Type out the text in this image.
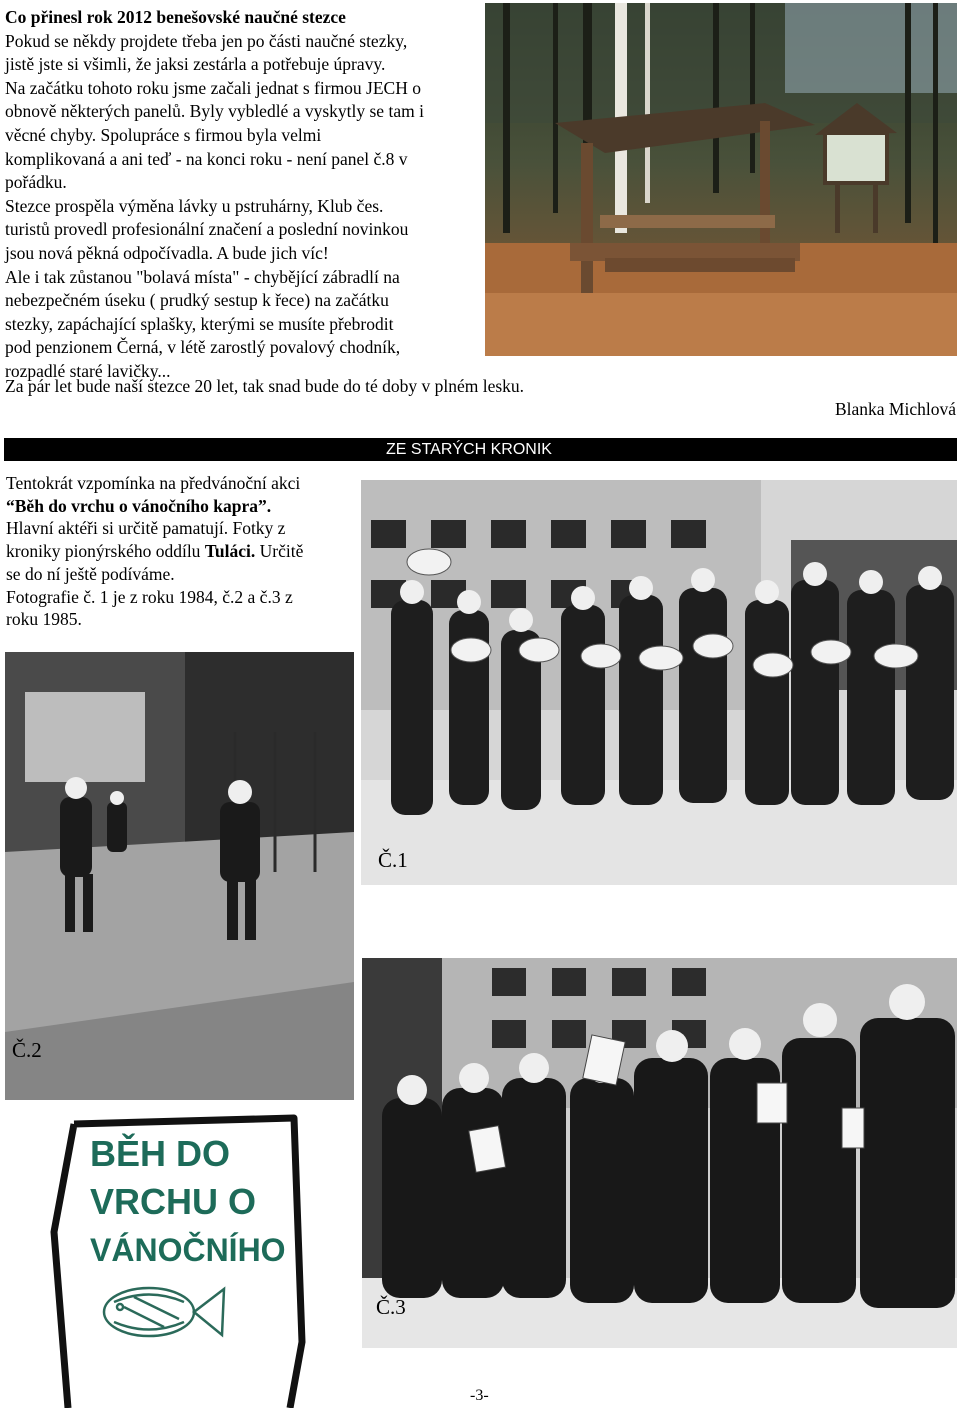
Co přinesl rok 2012 benešovské naučné stezce
Pokud se někdy projdete třeba jen po části naučné stezky,
jistě jste si všimli, že jaksi zestárla a potřebuje úpravy.
Na začátku tohoto roku jsme začali jednat s firmou JECH o
obnově některých panelů. Byly vybledlé a vyskytly se tam i
věcné chyby. Spolupráce s firmou byla velmi
komplikovaná a ani teď - na konci roku - není panel č.8 v
pořádku.
Stezce prospěla výměna lávky u pstruhárny, Klub čes.
turistů provedl profesionální značení a poslední novinkou
jsou nová pěkná odpočívadla. A bude jich víc!
Ale i tak zůstanou "bolavá místa" - chybějící zábradlí na
nebezpečném úseku ( prudký sestup k řece) na začátku
stezky, zapáchající splašky, kterými se musíte přebrodit
pod penzionem Černá, v létě zarostlý povalový chodník,
rozpadlé staré lavičky...
Za pár let bude naší stezce 20 let, tak snad bude do té doby v plném lesku.
Blanka Michlová
ZE STARÝCH KRONIK
Tentokrát vzpomínka na předvánoční akci
“Běh do vrchu o vánočního kapra”.
Hlavní aktéři si určitě pamatují. Fotky z
kroniky pionýrského oddílu Tuláci. Určitě
se do ní ještě podíváme.
Fotografie č. 1 je z roku 1984, č.2 a č.3 z
roku 1985.
Č.1
Č.2
BĚH DO
VRCHU O
VÁNOČNÍHO
Č.3
-3-
